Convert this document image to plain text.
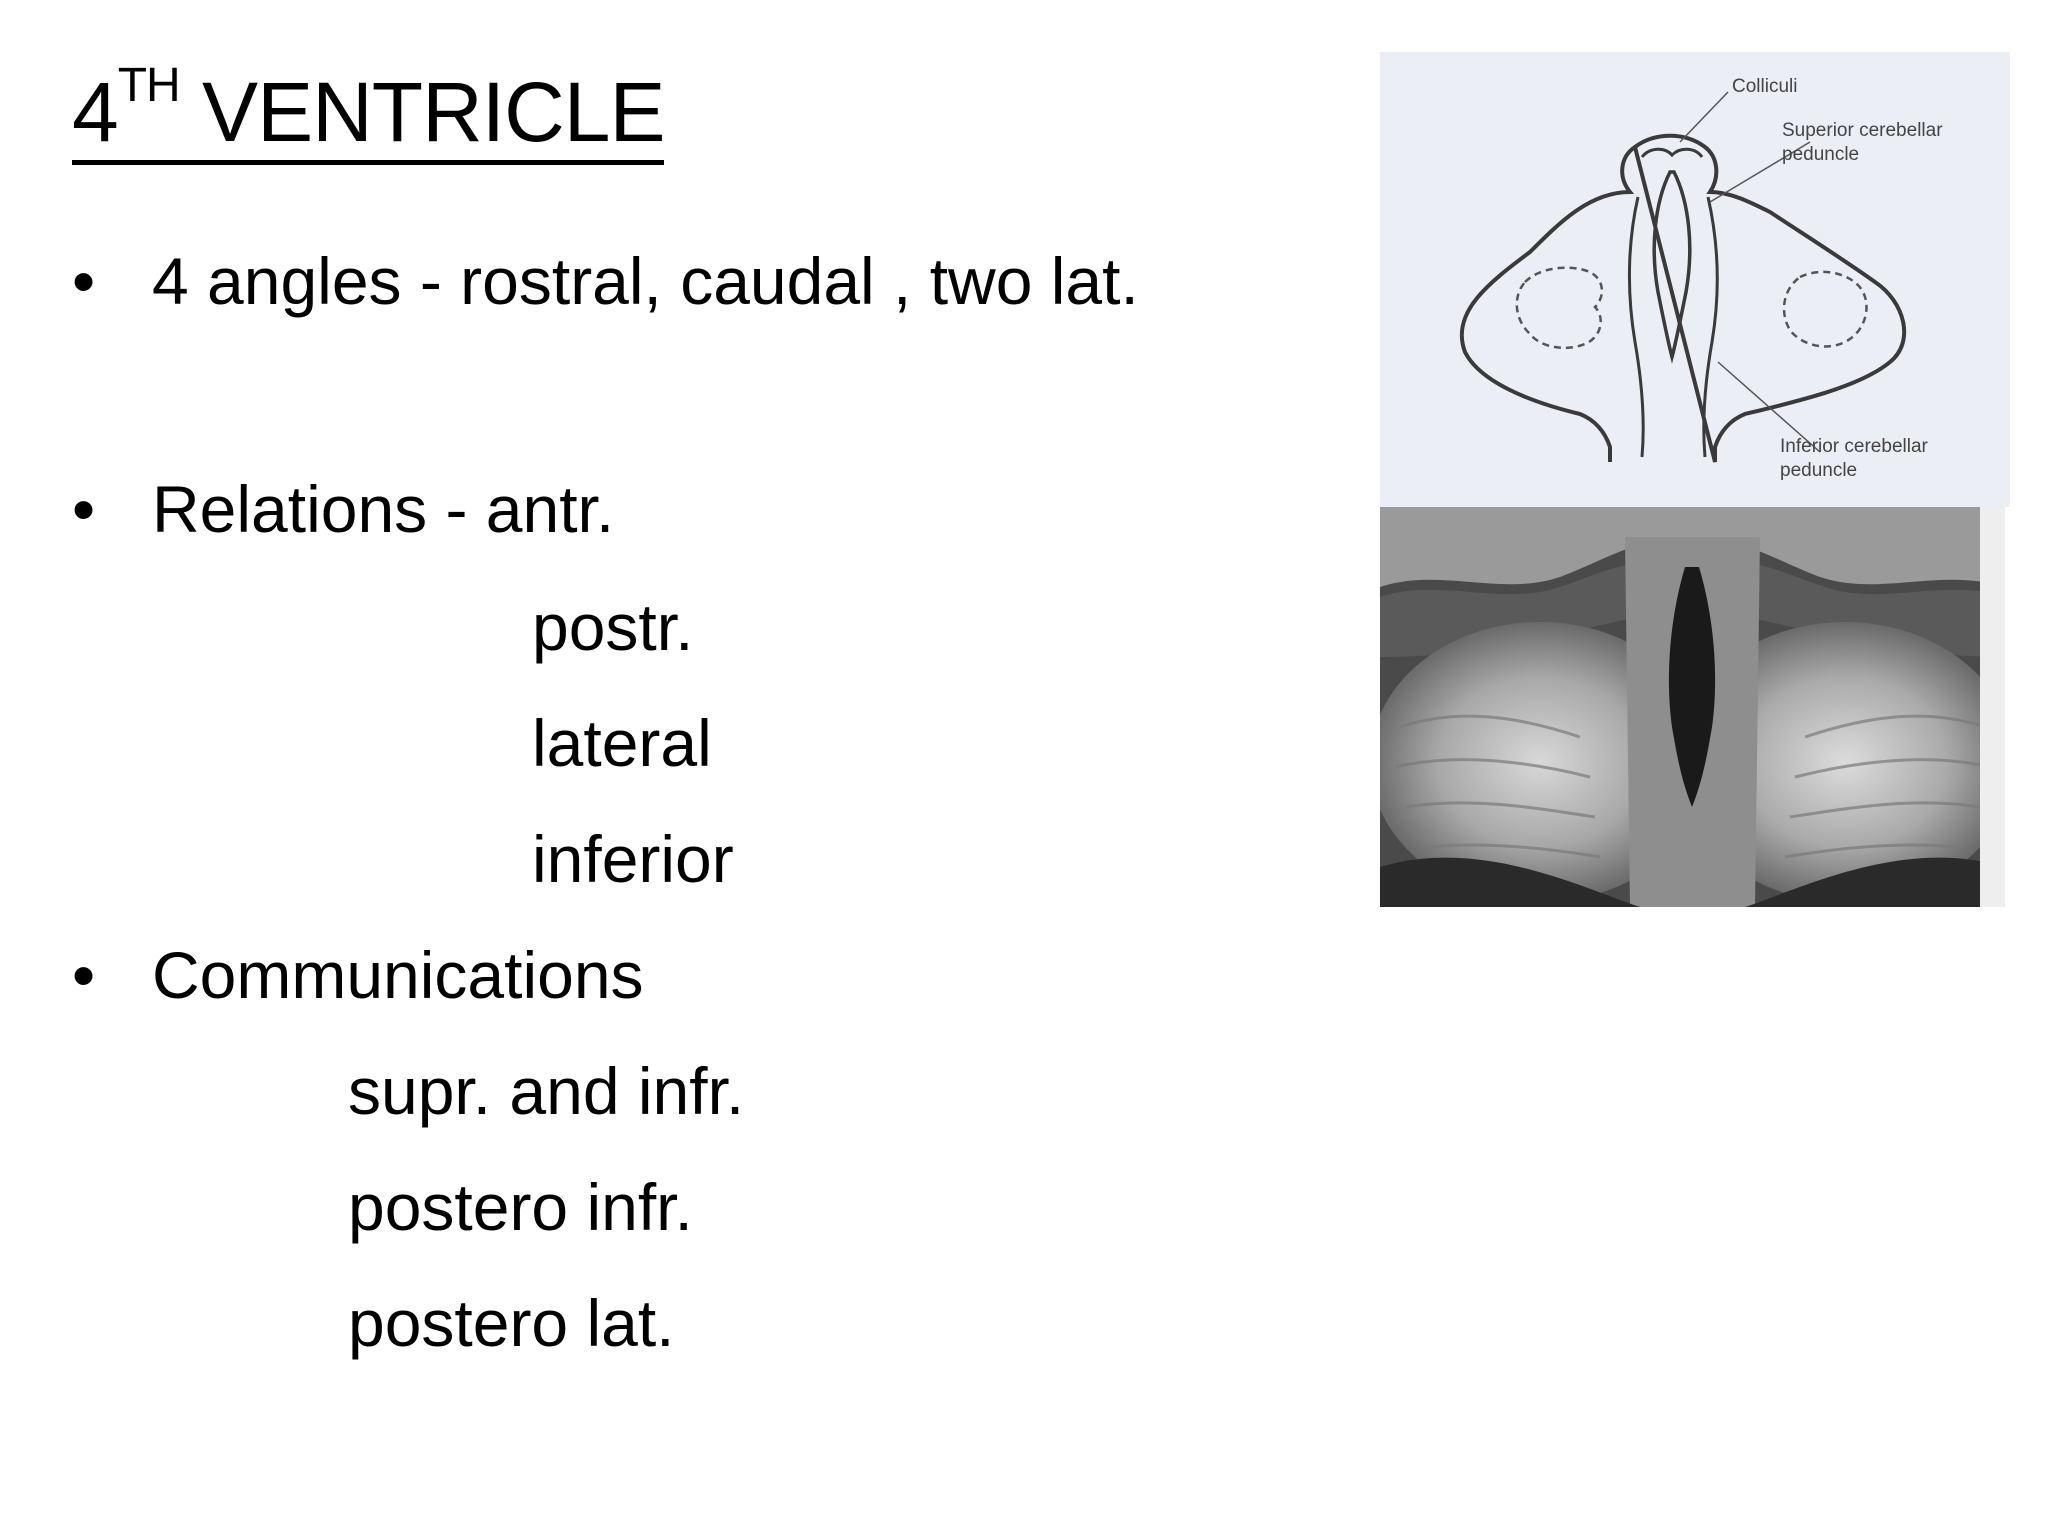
4TH VENTRICLE
• 4 angles - rostral, caudal , two lat.
• Relations - antr.
postr.
lateral
inferior
• Communications
supr. and infr.
postero infr.
postero lat.
Colliculi
Superior cerebellar
peduncle
Inferior cerebellar
peduncle
